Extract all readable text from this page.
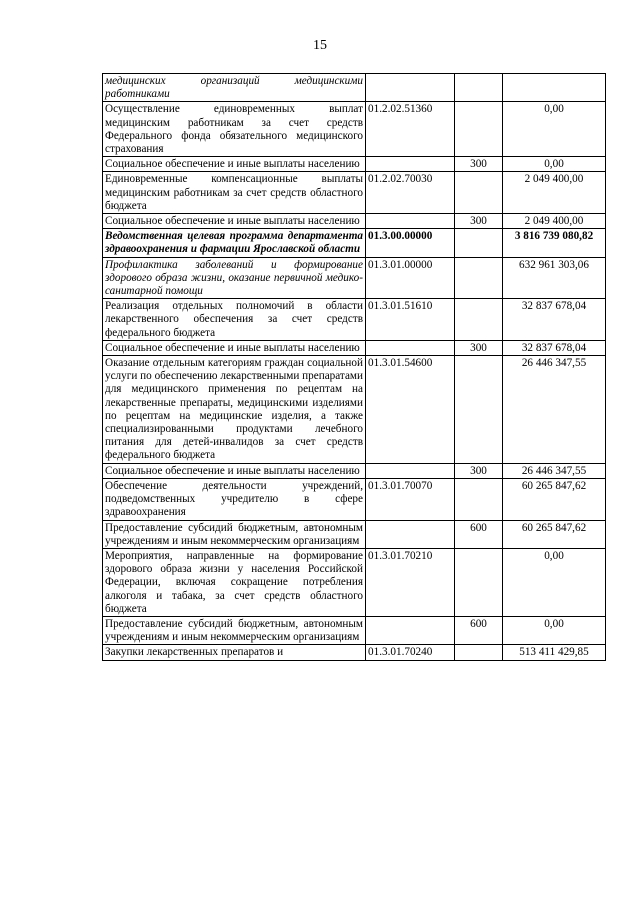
15
медицинских организаций медицинскими работниками			
Осуществление единовременных выплат медицинским работникам за счет средств Федерального фонда обязательного медицинского страхования	01.2.02.51360		0,00
Социальное обеспечение и иные выплаты населению		300	0,00
Единовременные компенсационные выплаты медицинским работникам за счет средств областного бюджета	01.2.02.70030		2 049 400,00
Социальное обеспечение и иные выплаты населению		300	2 049 400,00
Ведомственная целевая программа департамента здравоохранения и фармации Ярославской области	01.3.00.00000		3 816 739 080,82
Профилактика заболеваний и формирование здорового образа жизни, оказание первичной медико-санитарной помощи	01.3.01.00000		632 961 303,06
Реализация отдельных полномочий в области лекарственного обеспечения за счет средств федерального бюджета	01.3.01.51610		32 837 678,04
Социальное обеспечение и иные выплаты населению		300	32 837 678,04
Оказание отдельным категориям граждан социальной услуги по обеспечению лекарственными препаратами для медицинского применения по рецептам на лекарственные препараты, медицинскими изделиями по рецептам на медицинские изделия, а также специализированными продуктами лечебного питания для детей-инвалидов за счет средств федерального бюджета	01.3.01.54600		26 446 347,55
Социальное обеспечение и иные выплаты населению		300	26 446 347,55
Обеспечение деятельности учреждений, подведомственных учредителю в сфере здравоохранения	01.3.01.70070		60 265 847,62
Предоставление субсидий бюджетным, автономным учреждениям и иным некоммерческим организациям		600	60 265 847,62
Мероприятия, направленные на формирование здорового образа жизни у населения Российской Федерации, включая сокращение потребления алкоголя и табака, за счет средств областного бюджета	01.3.01.70210		0,00
Предоставление субсидий бюджетным, автономным учреждениям и иным некоммерческим организациям		600	0,00
Закупки лекарственных препаратов и	01.3.01.70240		513 411 429,85
